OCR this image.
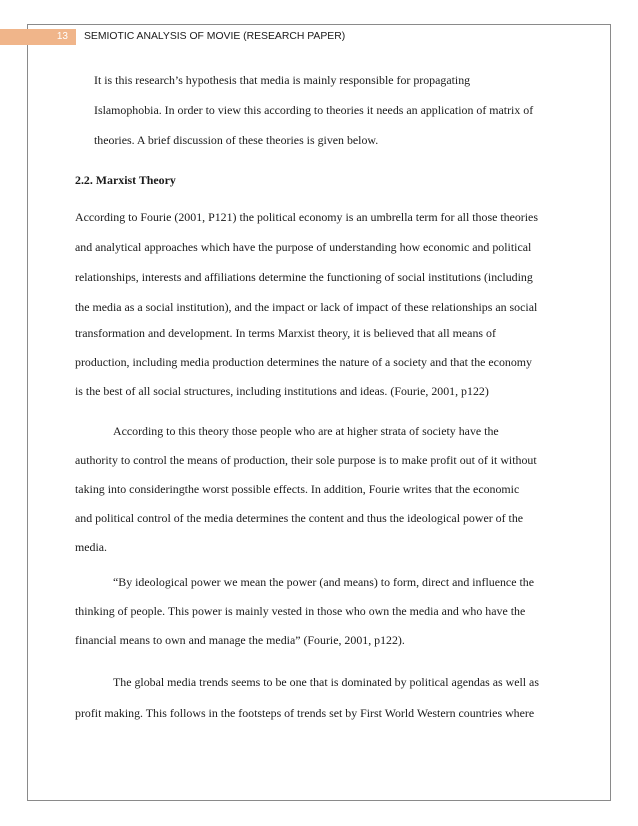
13	SEMIOTIC ANALYSIS OF MOVIE (RESEARCH PAPER)
It is this research’s hypothesis that media is mainly responsible for propagating
Islamophobia. In order to view this according to theories it needs an application of matrix of
theories. A brief discussion of these theories is given below.
2.2. Marxist Theory
According to Fourie (2001, P121) the political economy is an umbrella term for all those theories
and analytical approaches which have the purpose of understanding how economic and political
relationships, interests and affiliations determine the functioning of social institutions (including
the media as a social institution), and the impact or lack of impact of these relationships an social
transformation and development. In terms Marxist theory, it is believed that all means of
production, including media production determines the nature of a society and that the economy
is the best of all social structures, including institutions and ideas. (Fourie, 2001, p122)
According to this theory those people who are at higher strata of society have the
authority to control the means of production, their sole purpose is to make profit out of it without
taking into consideringthe worst possible effects. In addition, Fourie writes that the economic
and political control of the media determines the content and thus the ideological power of the
media.
“By ideological power we mean the power (and means) to form, direct and influence the
thinking of people. This power is mainly vested in those who own the media and who have the
financial means to own and manage the media” (Fourie, 2001, p122).
The global media trends seems to be one that is dominated by political agendas as well as
profit making. This follows in the footsteps of trends set by First World Western countries where
